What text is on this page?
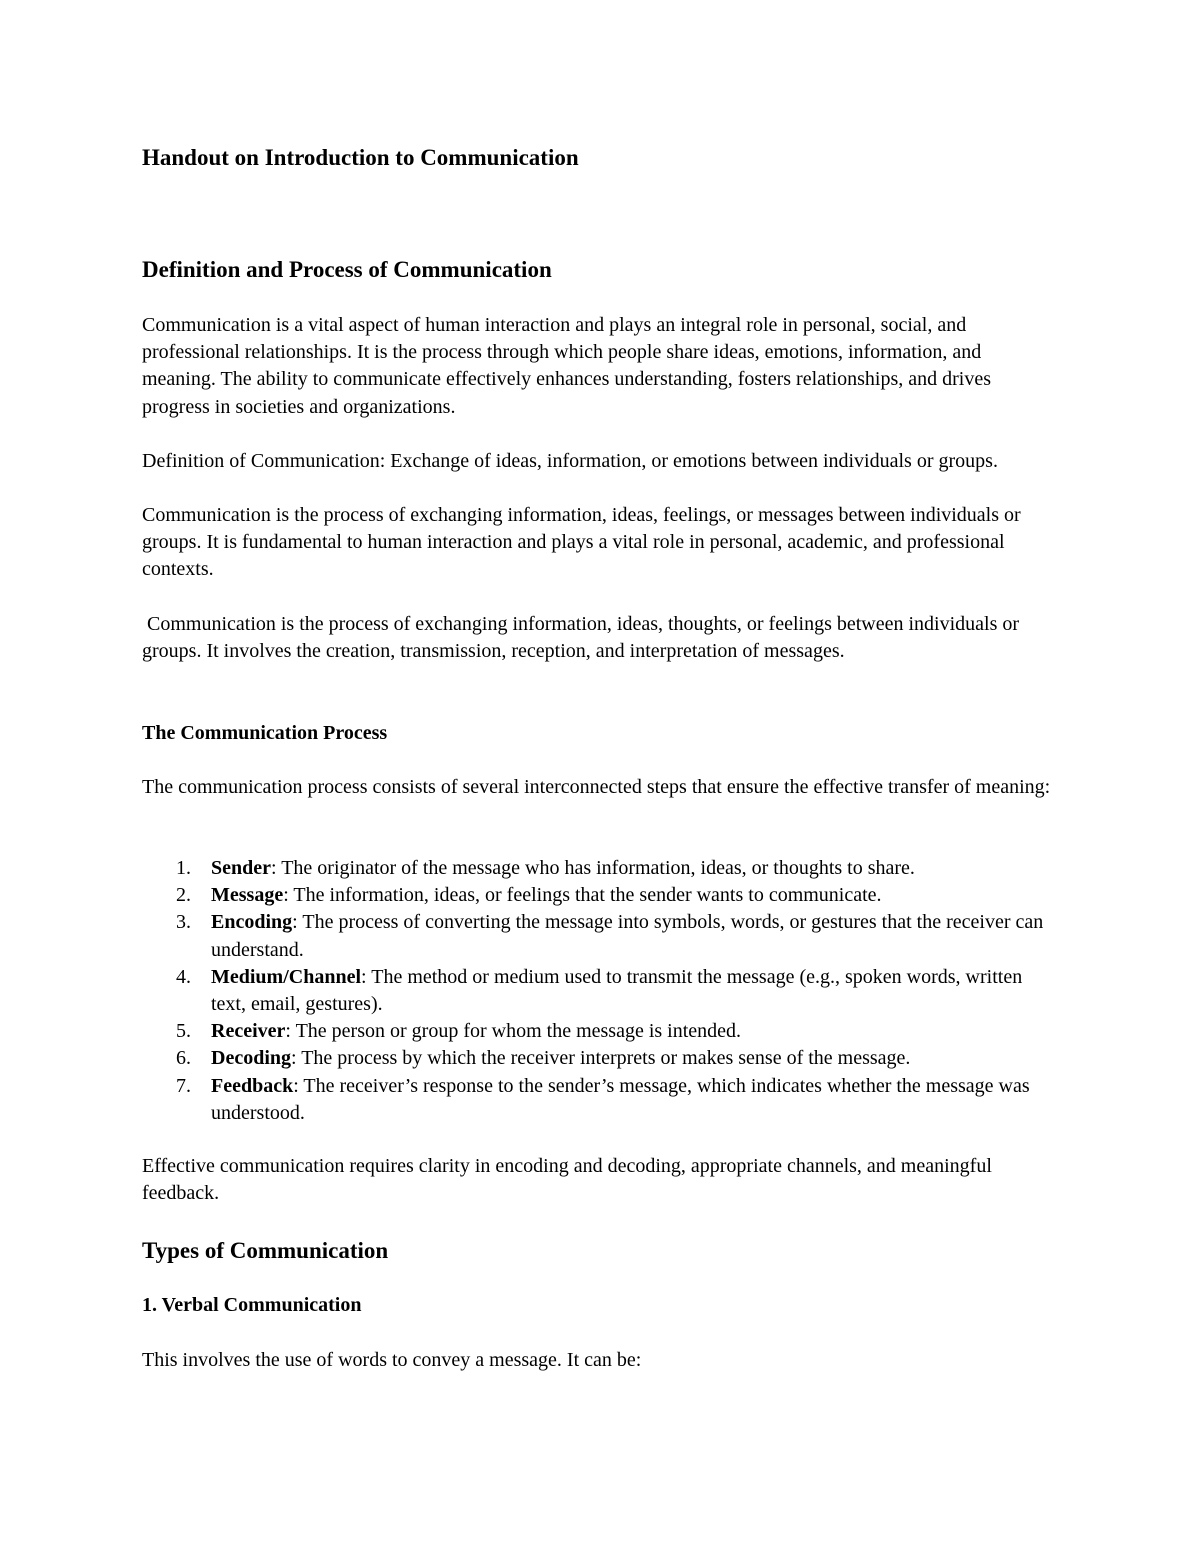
Handout on Introduction to Communication
Definition and Process of Communication

Communication is a vital aspect of human interaction and plays an integral role in personal, social, and professional relationships. It is the process through which people share ideas, emotions, information, and meaning. The ability to communicate effectively enhances understanding, fosters relationships, and drives progress in societies and organizations.

Definition of Communication: Exchange of ideas, information, or emotions between individuals or groups.

Communication is the process of exchanging information, ideas, feelings, or messages between individuals or groups. It is fundamental to human interaction and plays a vital role in personal, academic, and professional contexts.

Communication is the process of exchanging information, ideas, thoughts, or feelings between individuals or groups. It involves the creation, transmission, reception, and interpretation of messages.

The Communication Process

The communication process consists of several interconnected steps that ensure the effective transfer of meaning:

1. Sender: The originator of the message who has information, ideas, or thoughts to share.
2. Message: The information, ideas, or feelings that the sender wants to communicate.
3. Encoding: The process of converting the message into symbols, words, or gestures that the receiver can understand.
4. Medium/Channel: The method or medium used to transmit the message (e.g., spoken words, written text, email, gestures).
5. Receiver: The person or group for whom the message is intended.
6. Decoding: The process by which the receiver interprets or makes sense of the message.
7. Feedback: The receiver’s response to the sender’s message, which indicates whether the message was understood.

Effective communication requires clarity in encoding and decoding, appropriate channels, and meaningful feedback.

Types of Communication
1. Verbal Communication

This involves the use of words to convey a message. It can be:
